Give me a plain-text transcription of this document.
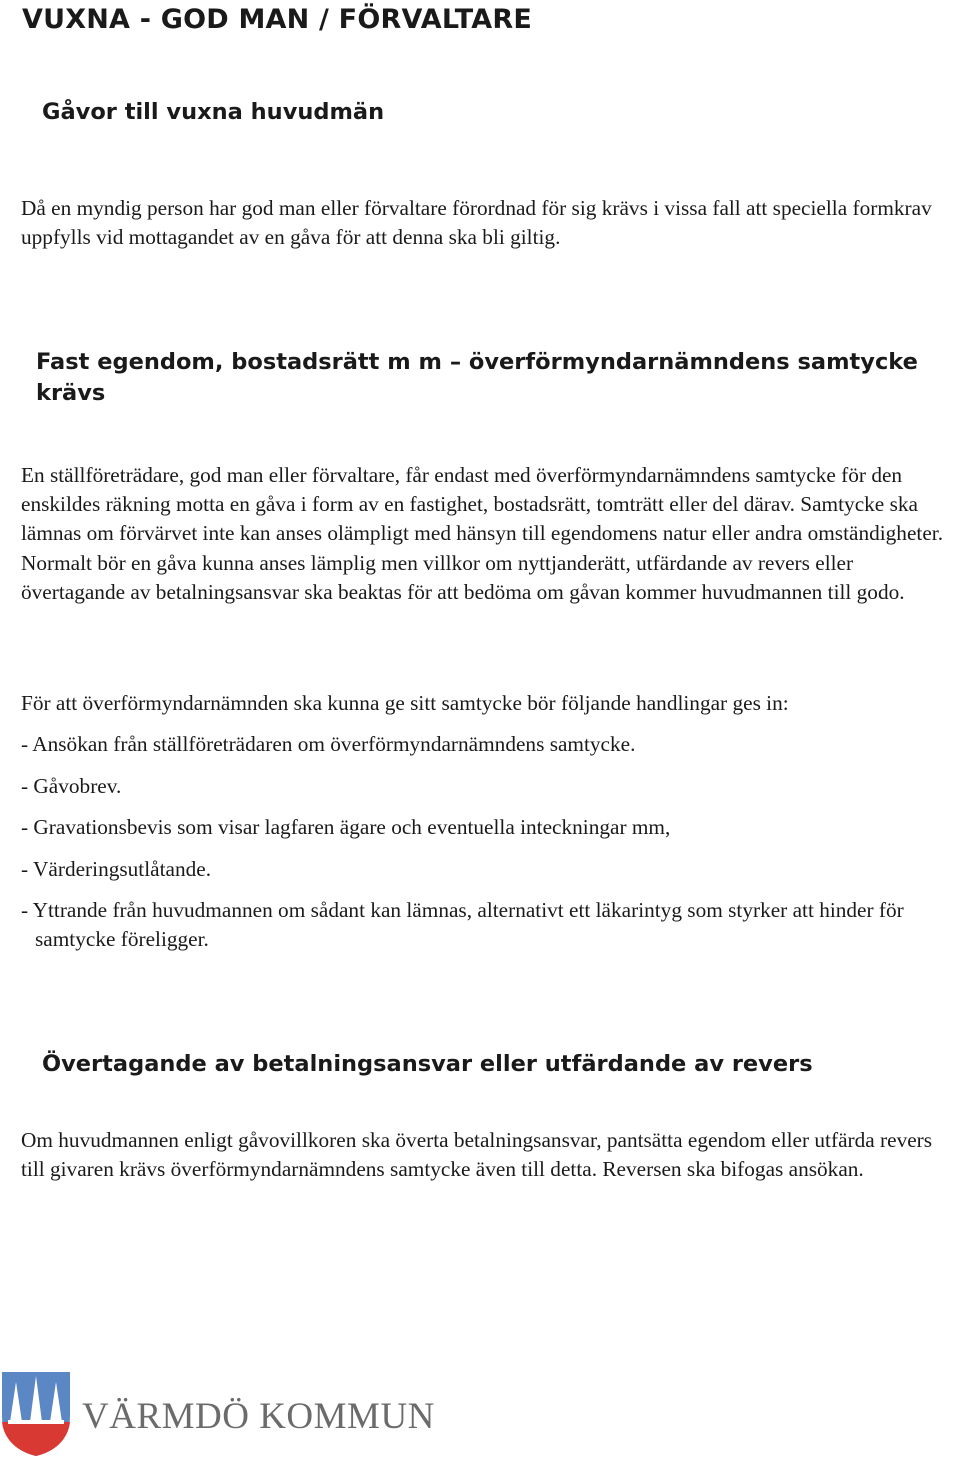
VUXNA - GOD MAN / FÖRVALTARE
Gåvor till vuxna huvudmän
Då en myndig person har god man eller förvaltare förordnad för sig krävs i vissa fall att speciella formkrav uppfylls vid mottagandet av en gåva för att denna ska bli giltig.
Fast egendom, bostadsrätt m m – överförmyndarnämndens samtycke krävs
En ställföreträdare, god man eller förvaltare, får endast med överförmyndarnämndens samtycke för den enskildes räkning motta en gåva i form av en fastighet, bostadsrätt, tomträtt eller del därav. Samtycke ska lämnas om förvärvet inte kan anses olämpligt med hänsyn till egendomens natur eller andra omständigheter. Normalt bör en gåva kunna anses lämplig men villkor om nyttjanderätt, utfärdande av revers eller övertagande av betalningsansvar ska beaktas för att bedöma om gåvan kommer huvudmannen till godo.
För att överförmyndarnämnden ska kunna ge sitt samtycke bör följande handlingar ges in:
- Ansökan från ställföreträdaren om överförmyndarnämndens samtycke.
- Gåvobrev.
- Gravationsbevis som visar lagfaren ägare och eventuella inteckningar mm,
- Värderingsutlåtande.
- Yttrande från huvudmannen om sådant kan lämnas, alternativt ett läkarintyg som styrker att hinder för samtycke föreligger.
Övertagande av betalningsansvar eller utfärdande av revers
Om huvudmannen enligt gåvovillkoren ska överta betalningsansvar, pantsätta egendom eller utfärda revers till givaren krävs överförmyndarnämndens samtycke även till detta. Reversen ska bifogas ansökan.
VÄRMDÖ KOMMUN
